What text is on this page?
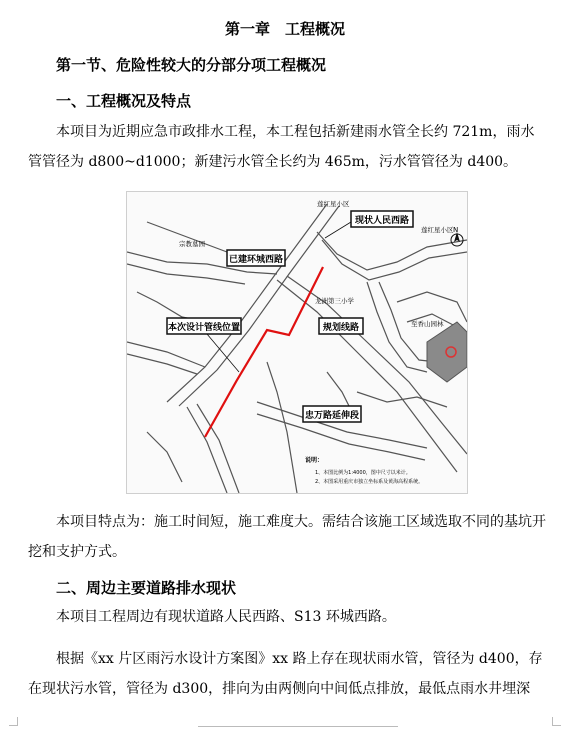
第一章　工程概况
第一节、危险性较大的分部分项工程概况
一、工程概况及特点
本项目为近期应急市政排水工程，本工程包括新建雨水管全长约 721m，雨水管管径为 d800~d1000；新建污水管全长约为 465m，污水管管径为 d400。
现状人民西路
已建环城西路
本次设计管线位置	规划线路
忠万路延伸段
莲红星小区
莲红星小区
宗教墓园
龙洲第三小学
至香山园林
N
说明：
1、本图比例为1:4000，图中尺寸以米计。
2、本图采用重庆市独立坐标系及黄海高程系统。
本项目特点为：施工时间短，施工难度大。需结合该施工区域选取不同的基坑开挖和支护方式。
二、周边主要道路排水现状
本项目工程周边有现状道路人民西路、S13 环城西路。
根据《xx 片区雨污水设计方案图》xx 路上存在现状雨水管，管径为 d400，存在现状污水管，管径为 d300，排向为由两侧向中间低点排放，最低点雨水井埋深
